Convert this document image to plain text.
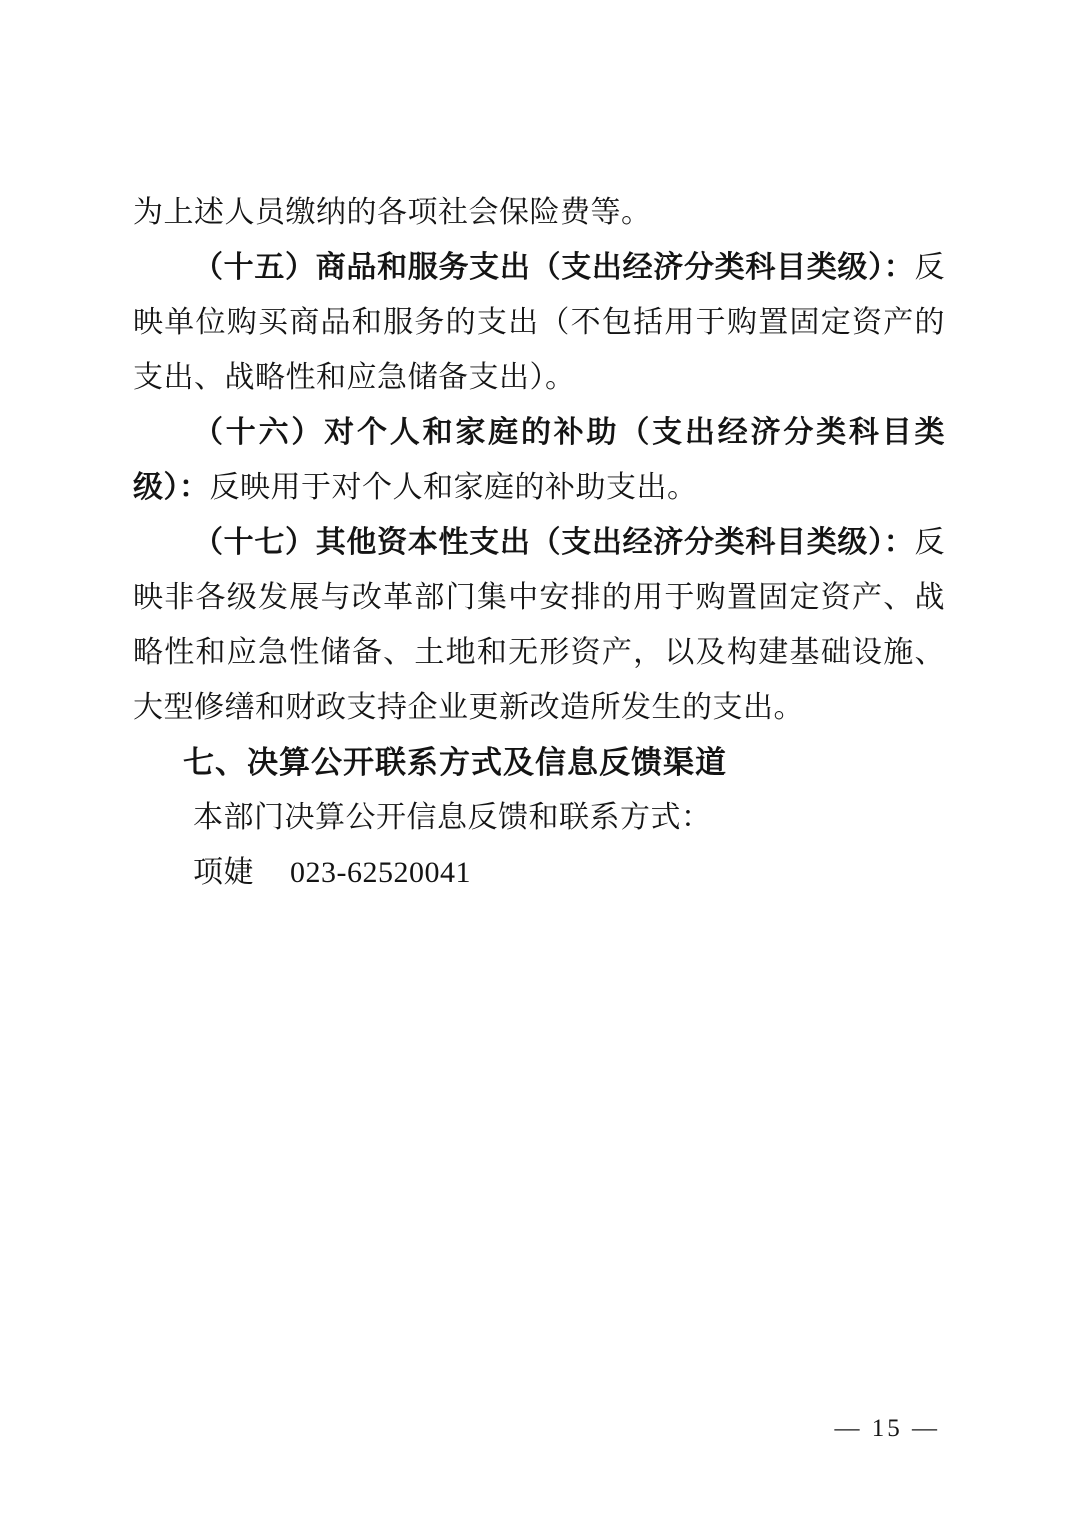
为上述人员缴纳的各项社会保险费等。

（十五）商品和服务支出（支出经济分类科目类级）：反映单位购买商品和服务的支出（不包括用于购置固定资产的支出、战略性和应急储备支出）。

（十六）对个人和家庭的补助（支出经济分类科目类级）：反映用于对个人和家庭的补助支出。

（十七）其他资本性支出（支出经济分类科目类级）：反映非各级发展与改革部门集中安排的用于购置固定资产、战略性和应急性储备、土地和无形资产，以及构建基础设施、大型修缮和财政支持企业更新改造所发生的支出。

七、决算公开联系方式及信息反馈渠道

本部门决算公开信息反馈和联系方式：

项婕 023-62520041

— 15 —
